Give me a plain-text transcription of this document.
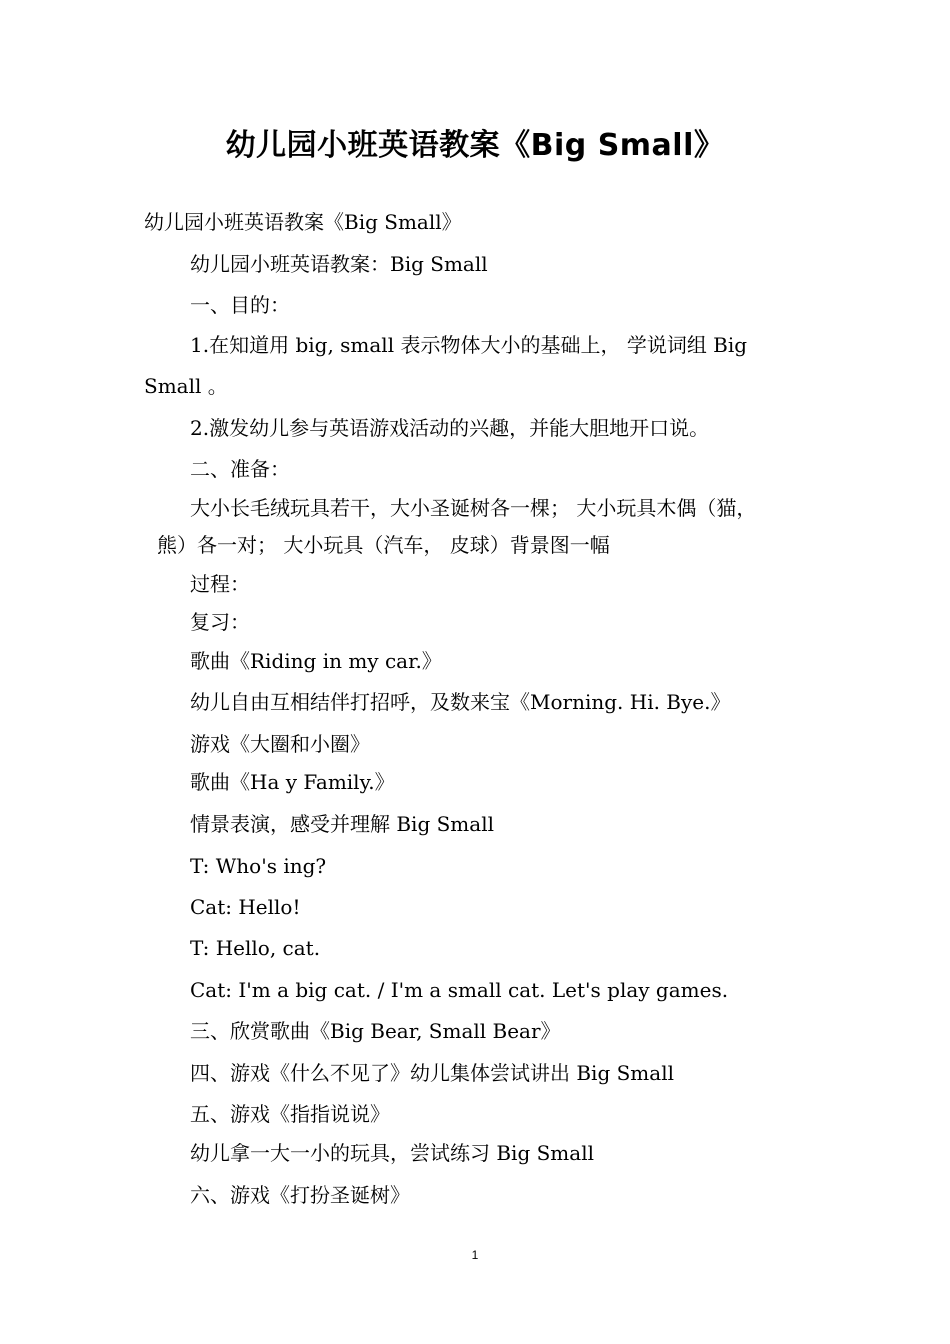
幼儿园小班英语教案《Big Small》
幼儿园小班英语教案《Big Small》
幼儿园小班英语教案：Big Small
一、目的：
1.在知道用 big, small 表示物体大小的基础上， 学说词组 Big
Small 。
2.激发幼儿参与英语游戏活动的兴趣，并能大胆地开口说。
二、准备：
大小长毛绒玩具若干，大小圣诞树各一棵； 大小玩具木偶（猫，
熊）各一对； 大小玩具（汽车， 皮球）背景图一幅
过程：
复习：
歌曲《Riding in my car.》
幼儿自由互相结伴打招呼，及数来宝《Morning. Hi. Bye.》
游戏《大圈和小圈》
歌曲《Ha y Family.》
情景表演，感受并理解 Big Small
T: Who's ing?
Cat: Hello!
T: Hello, cat.
Cat: I'm a big cat. / I'm a small cat. Let's play games.
三、欣赏歌曲《Big Bear, Small Bear》
四、游戏《什么不见了》幼儿集体尝试讲出 Big Small
五、游戏《指指说说》
幼儿拿一大一小的玩具，尝试练习 Big Small
六、游戏《打扮圣诞树》
1
